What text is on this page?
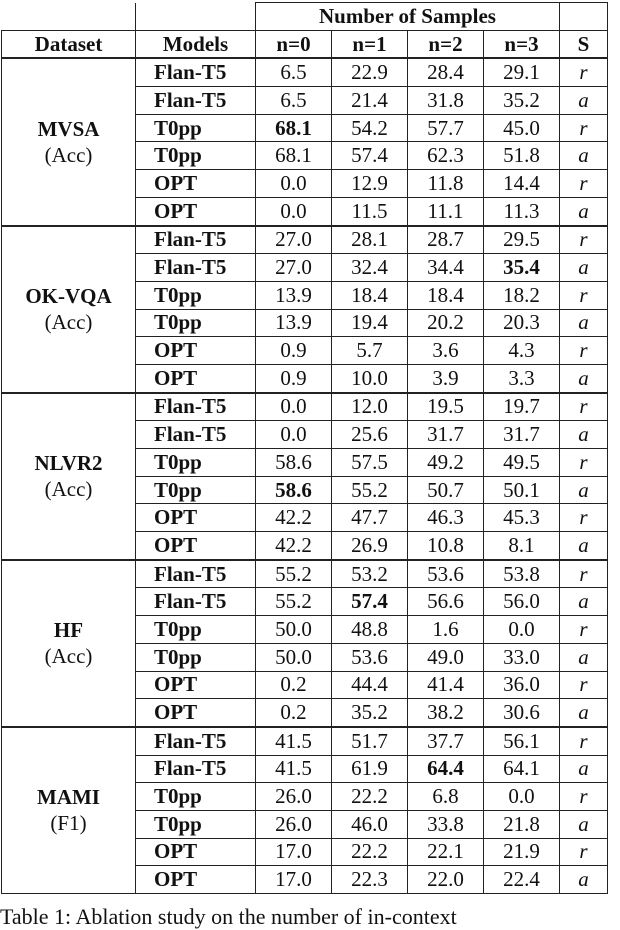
		Number of Samples				
Dataset	Models	n=0	n=1	n=2	n=3	S
MVSA
(Acc)	Flan-T5	6.5	22.9	28.4	29.1	r
	Flan-T5	6.5	21.4	31.8	35.2	a
	T0pp	68.1	54.2	57.7	45.0	r
	T0pp	68.1	57.4	62.3	51.8	a
	OPT	0.0	12.9	11.8	14.4	r
	OPT	0.0	11.5	11.1	11.3	a
OK-VQA
(Acc)	Flan-T5	27.0	28.1	28.7	29.5	r
	Flan-T5	27.0	32.4	34.4	35.4	a
	T0pp	13.9	18.4	18.4	18.2	r
	T0pp	13.9	19.4	20.2	20.3	a
	OPT	0.9	5.7	3.6	4.3	r
	OPT	0.9	10.0	3.9	3.3	a
NLVR2
(Acc)	Flan-T5	0.0	12.0	19.5	19.7	r
	Flan-T5	0.0	25.6	31.7	31.7	a
	T0pp	58.6	57.5	49.2	49.5	r
	T0pp	58.6	55.2	50.7	50.1	a
	OPT	42.2	47.7	46.3	45.3	r
	OPT	42.2	26.9	10.8	8.1	a
HF
(Acc)	Flan-T5	55.2	53.2	53.6	53.8	r
	Flan-T5	55.2	57.4	56.6	56.0	a
	T0pp	50.0	48.8	1.6	0.0	r
	T0pp	50.0	53.6	49.0	33.0	a
	OPT	0.2	44.4	41.4	36.0	r
	OPT	0.2	35.2	38.2	30.6	a
MAMI
(F1)	Flan-T5	41.5	51.7	37.7	56.1	r
	Flan-T5	41.5	61.9	64.4	64.1	a
	T0pp	26.0	22.2	6.8	0.0	r
	T0pp	26.0	46.0	33.8	21.8	a
	OPT	17.0	22.2	22.1	21.9	r
	OPT	17.0	22.3	22.0	22.4	a
Table 1: Ablation study on the number of in-context
